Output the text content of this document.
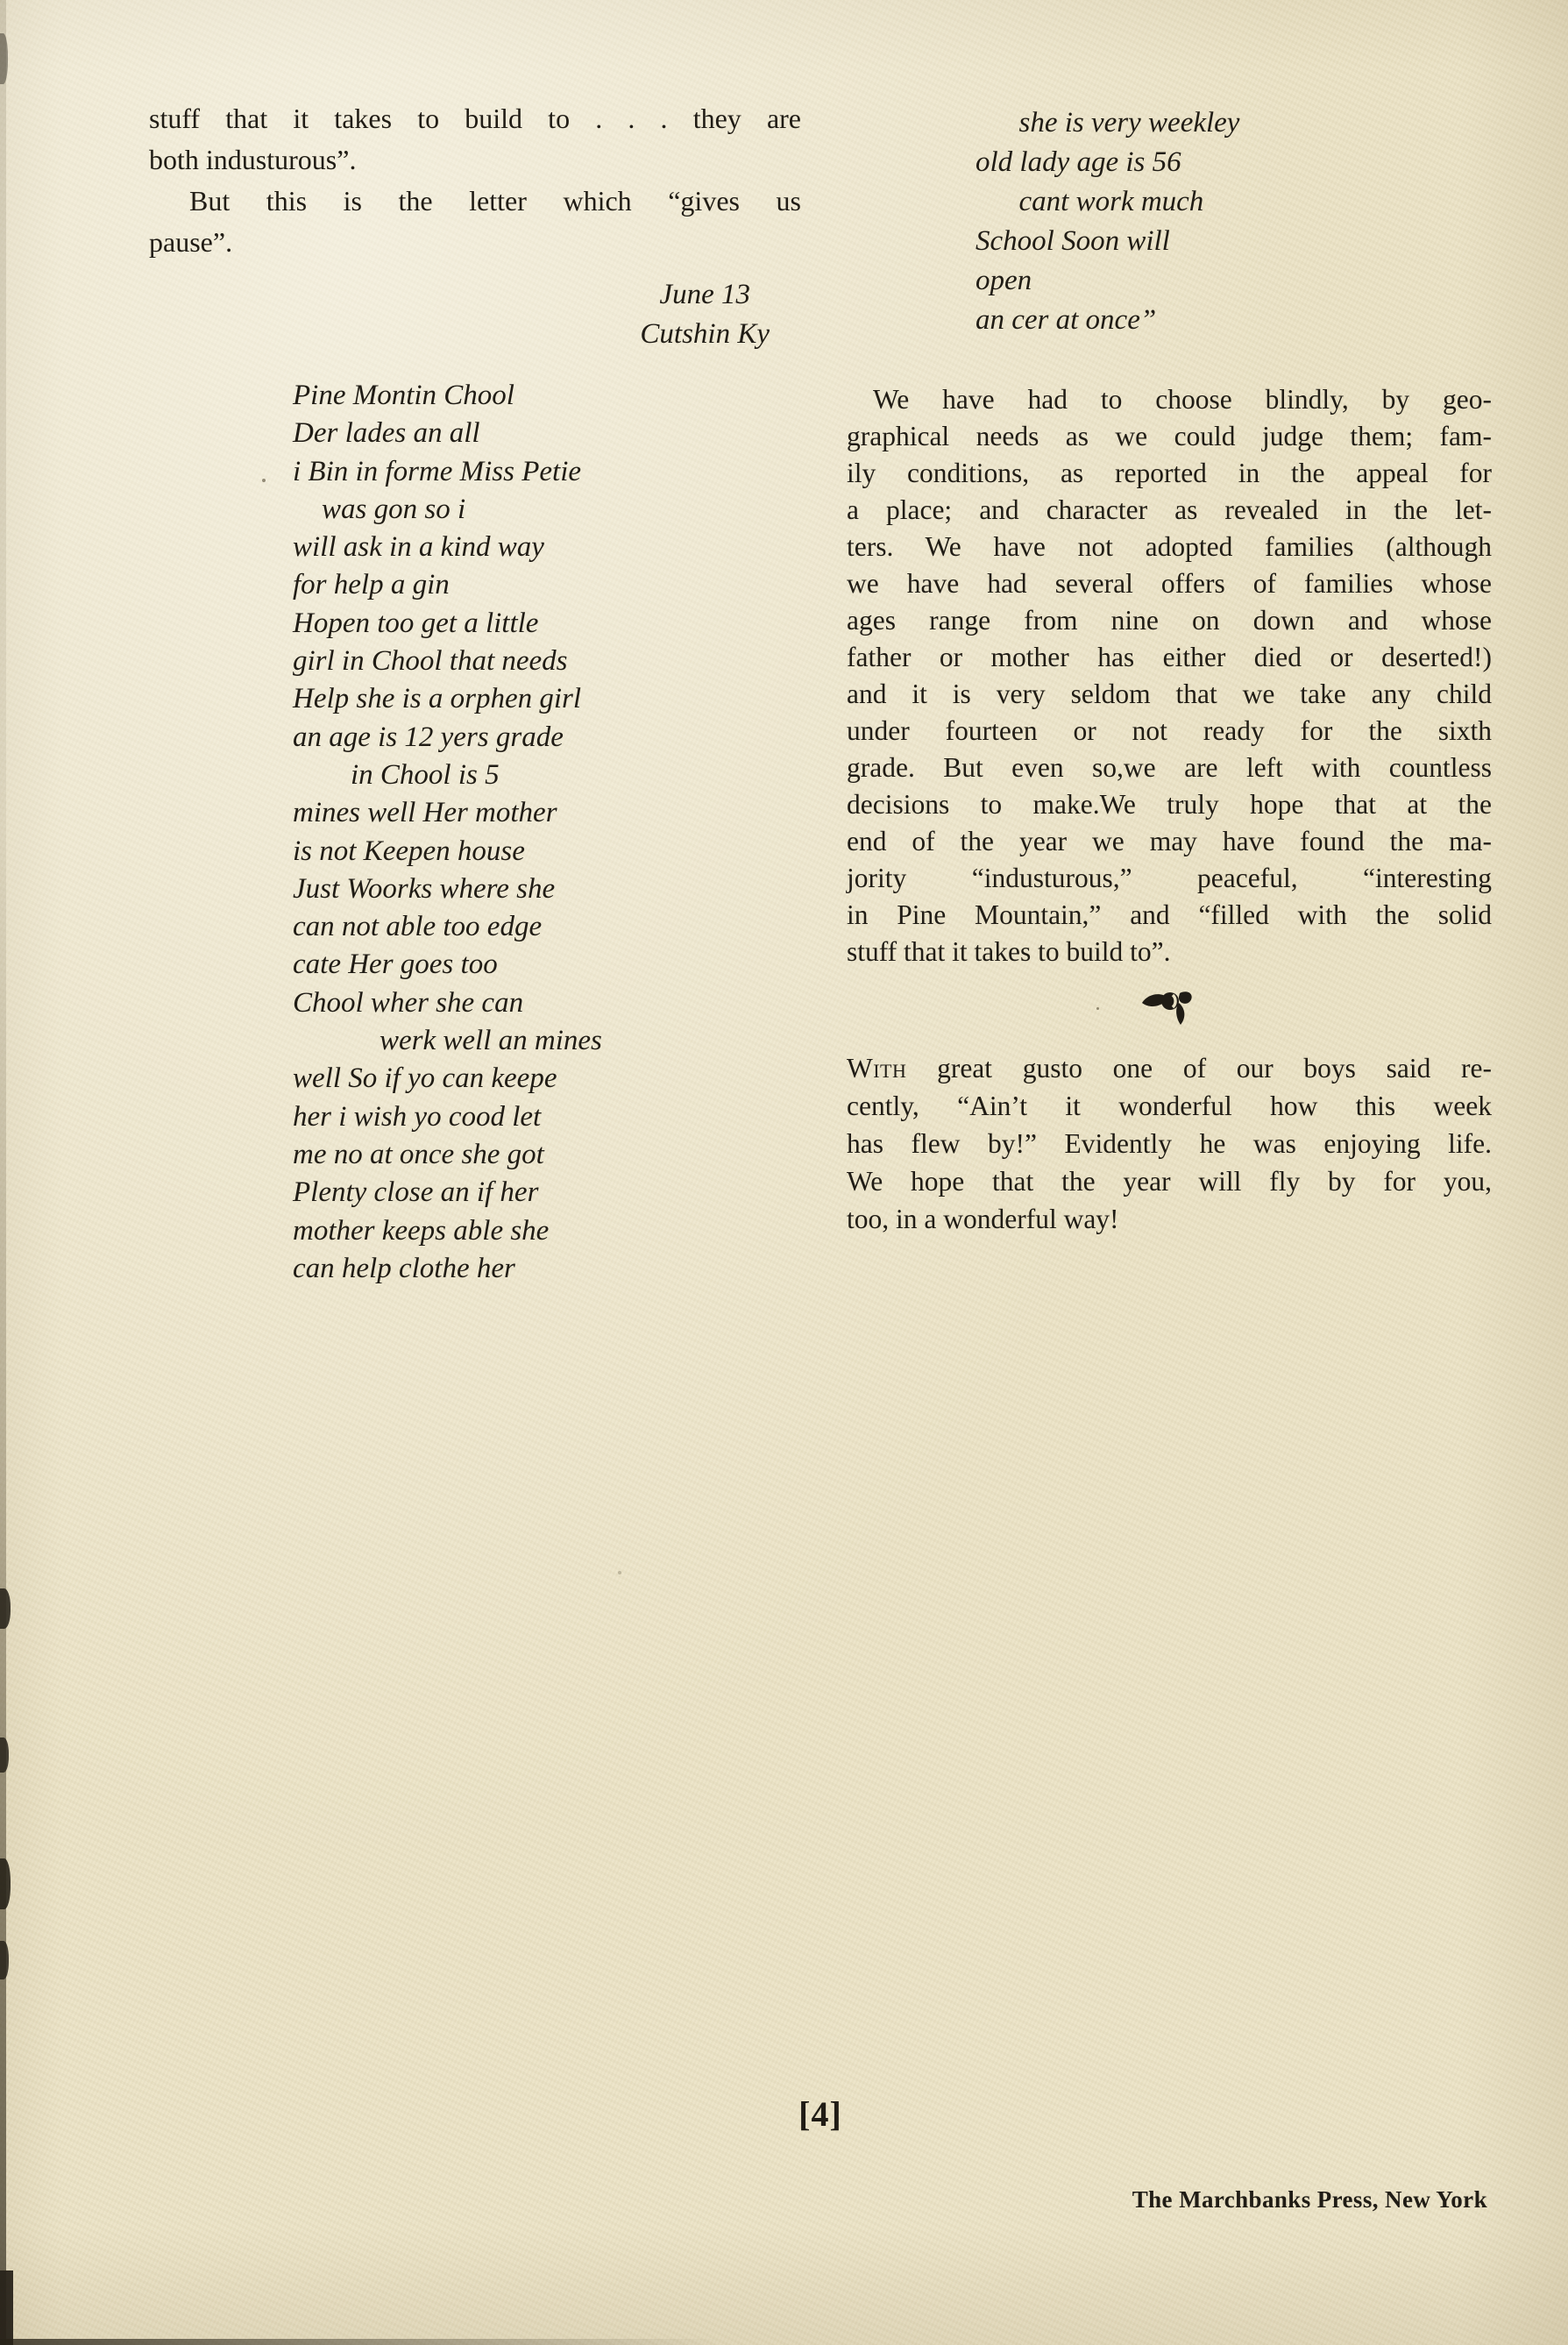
stuff that it takes to build to . . . they are
both industurous”.
But this is the letter which “gives us
pause”.
June 13
Cutshin Ky
Pine Montin Chool
Der lades an all
i Bin in forme Miss Petie
was gon so i
will ask in a kind way
for help a gin
Hopen too get a little
girl in Chool that needs
Help she is a orphen girl
an age is 12 yers grade
in Chool is 5
mines well Her mother
is not Keepen house
Just Woorks where she
can not able too edge
cate Her goes too
Chool wher she can
werk well an mines
well So if yo can keepe
her i wish yo cood let
me no at once she got
Plenty close an if her
mother keeps able she
can help clothe her
she is very weekley
old lady age is 56
cant work much
School Soon will
open
an cer at once”
We have had to choose blindly, by geo-
graphical needs as we could judge them; fam-
ily conditions, as reported in the appeal for
a place; and character as revealed in the let-
ters. We have not adopted families (although
we have had several offers of families whose
ages range from nine on down and whose
father or mother has either died or deserted!)
and it is very seldom that we take any child
under fourteen or not ready for the sixth
grade. But even so,we are left with countless
decisions to make.We truly hope that at the
end of the year we may have found the ma-
jority “industurous,” peaceful, “interesting
in Pine Mountain,” and “filled with the solid
stuff that it takes to build to”.
With great gusto one of our boys said re-
cently, “Ain’t it wonderful how this week
has flew by!” Evidently he was enjoying life.
We hope that the year will fly by for you,
too, in a wonderful way!
[4]
The Marchbanks Press, New York
